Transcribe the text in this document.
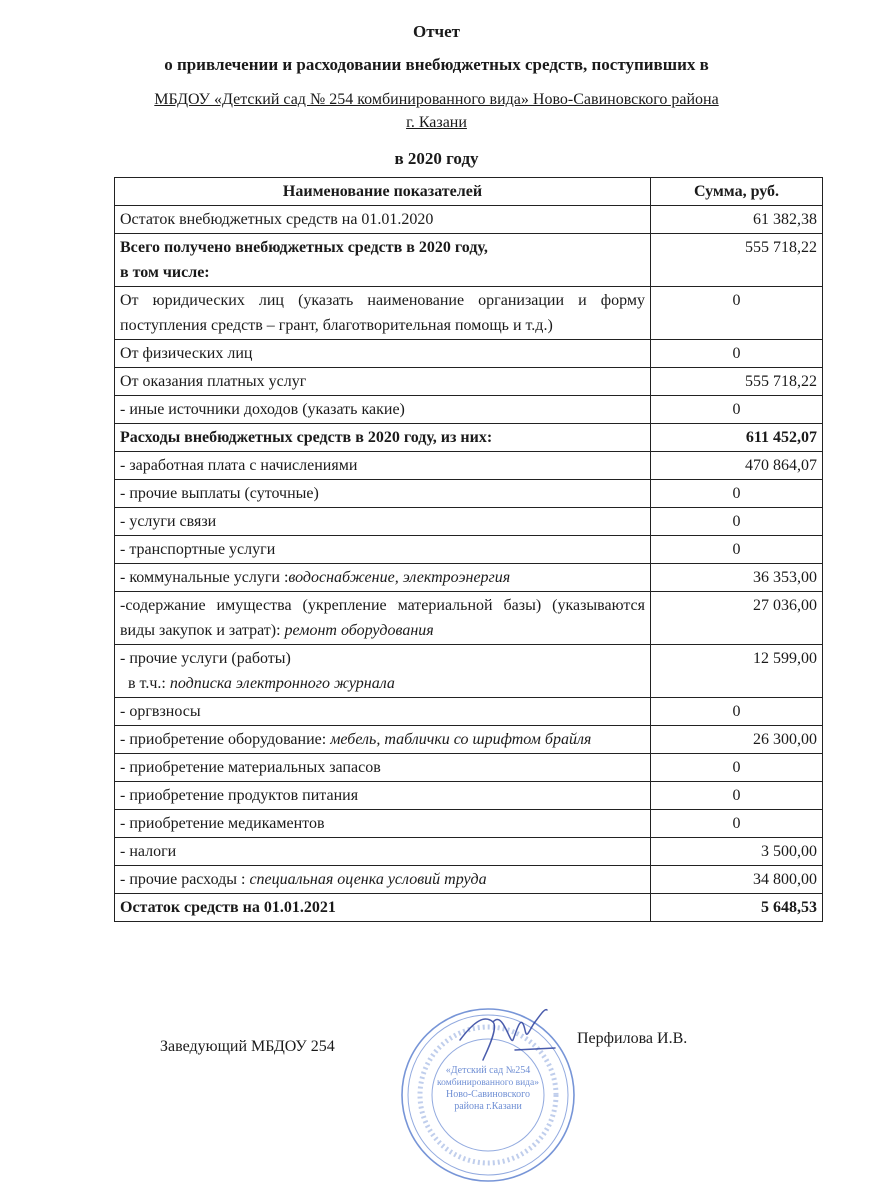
Отчет
о привлечении и расходовании внебюджетных средств, поступивших в
МБДОУ «Детский сад № 254 комбинированного вида» Ново-Савиновского района
г. Казани
в 2020 году
Наименование показателей	Сумма, руб.
Остаток внебюджетных средств на 01.01.2020	61 382,38
Всего получено внебюджетных средств в 2020 году,
в том числе:	555 718,22
От юридических лиц (указать наименование организации и форму поступления средств – грант, благотворительная помощь и т.д.)	0
От физических лиц	0
От оказания платных услуг	555 718,22
- иные источники доходов (указать какие)	0
Расходы внебюджетных средств в 2020 году, из них:	611 452,07
- заработная плата с начислениями	470 864,07
- прочие выплаты (суточные)	0
- услуги связи	0
- транспортные услуги	0
- коммунальные услуги :водоснабжение, электроэнергия	36 353,00
-содержание имущества (укрепление материальной базы) (указываются виды закупок и затрат): ремонт оборудования	27 036,00
- прочие услуги (работы)
в т.ч.: подписка электронного журнала	12 599,00
- оргвзносы	0
- приобретение оборудование: мебель, таблички со шрифтом брайля	26 300,00
- приобретение материальных запасов	0
- приобретение продуктов питания	0
- приобретение медикаментов	0
- налоги	3 500,00
- прочие расходы : специальная оценка условий труда	34 800,00
Остаток средств на 01.01.2021	5 648,53
Заведующий МБДОУ 254	Перфилова И.В.
«Детский сад №254
комбинированного вида»
Ново-Савиновского
района г.Казани
